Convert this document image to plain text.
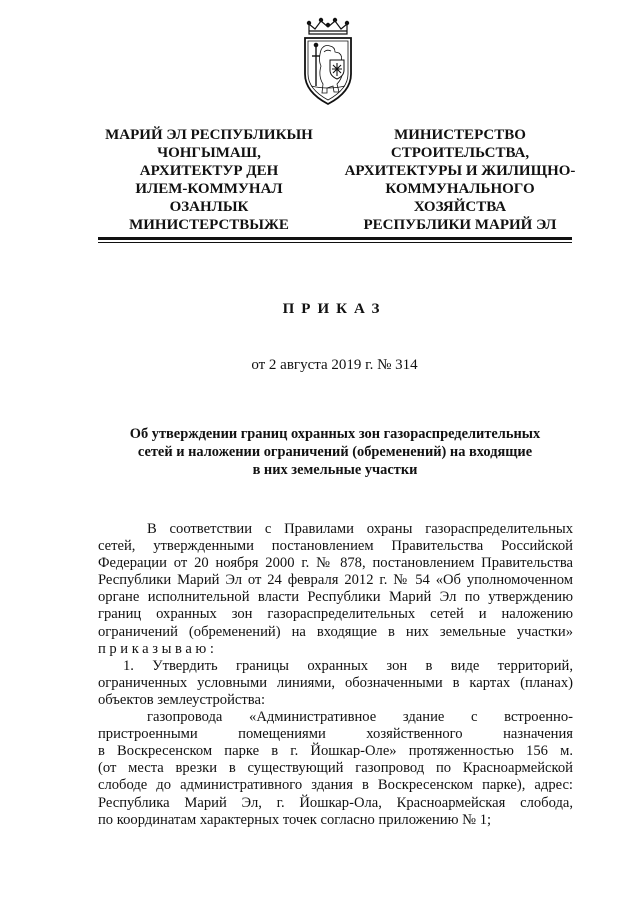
МАРИЙ ЭЛ РЕСПУБЛИКЫН
ЧОНГЫМАШ,
АРХИТЕКТУР ДЕН
ИЛЕМ-КОММУНАЛ
ОЗАНЛЫК
МИНИСТЕРСТВЫЖЕ
МИНИСТЕРСТВО
СТРОИТЕЛЬСТВА,
АРХИТЕКТУРЫ И ЖИЛИЩНО-
КОММУНАЛЬНОГО
ХОЗЯЙСТВА
РЕСПУБЛИКИ МАРИЙ ЭЛ
ПРИКАЗ
от 2 августа 2019 г. № 314
Об утверждении границ охранных зон газораспределительных
сетей и наложении ограничений (обременений) на входящие
в них земельные участки
В соответствии с Правилами охраны газораспределительных
сетей, утвержденными постановлением Правительства Российской
Федерации от 20 ноября 2000 г. № 878, постановлением Правительства
Республики Марий Эл от 24 февраля 2012 г. № 54 «Об уполномоченном
органе исполнительной власти Республики Марий Эл по утверждению
границ охранных зон газораспределительных сетей и наложению
ограничений (обременений) на входящие в них земельные участки»
приказываю:
1. Утвердить границы охранных зон в виде территорий,
ограниченных условными линиями, обозначенными в картах (планах)
объектов землеустройства:
газопровода «Административное здание с встроенно-
пристроенными помещениями хозяйственного назначения
в Воскресенском парке в г. Йошкар-Оле» протяженностью 156 м.
(от места врезки в существующий газопровод по Красноармейской
слободе до административного здания в Воскресенском парке), адрес:
Республика Марий Эл, г. Йошкар-Ола, Красноармейская слобода,
по координатам характерных точек согласно приложению № 1;
